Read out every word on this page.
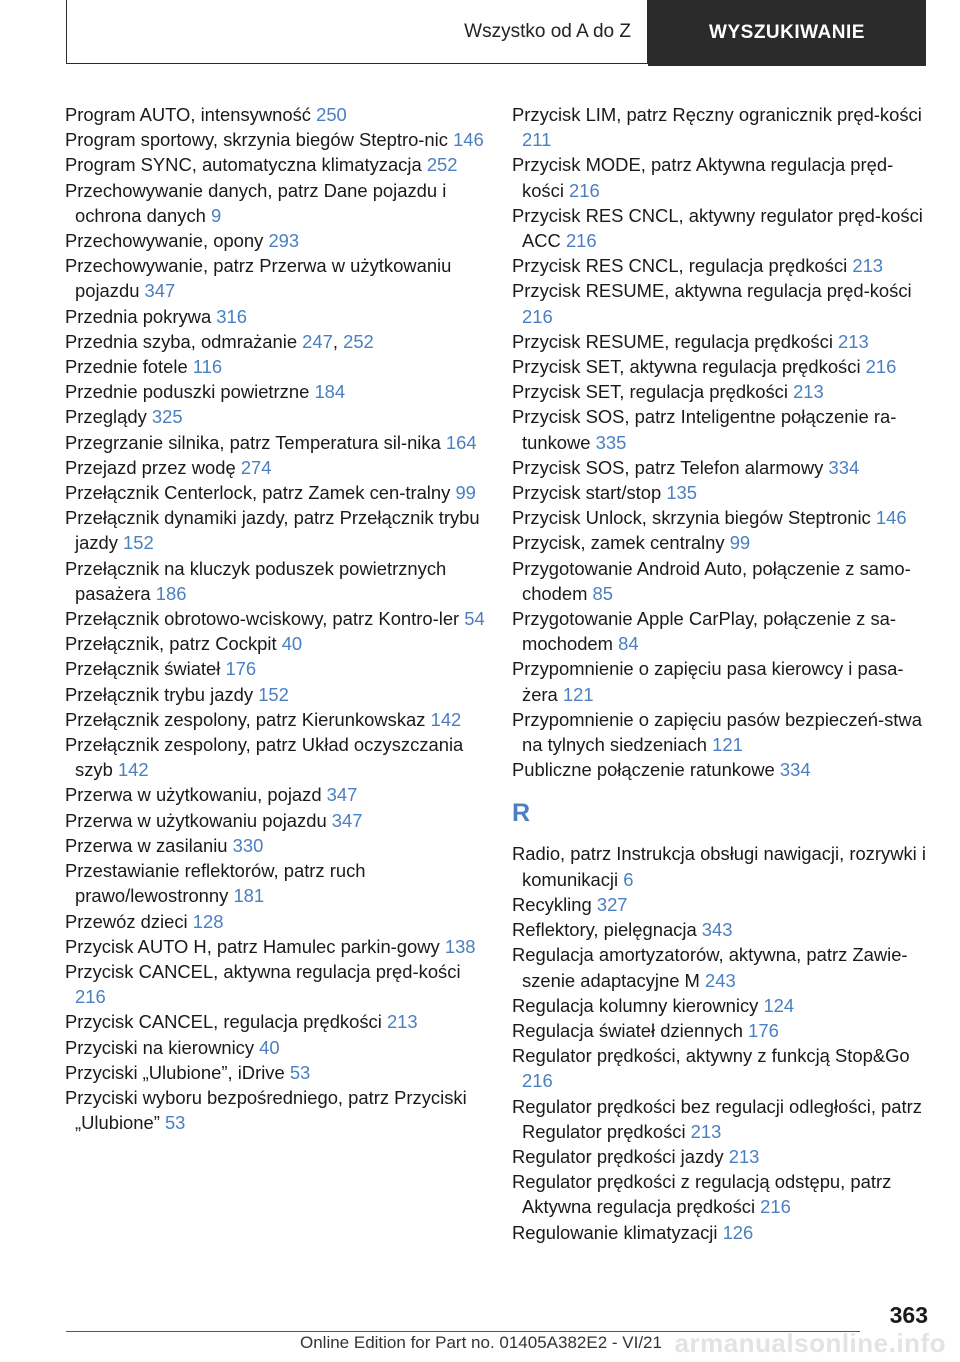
Wszystko od A do Z	WYSZUKIWANIE
Program AUTO, intensywność 250
Program sportowy, skrzynia biegów Steptro‐nic 146
Program SYNC, automatyczna klimatyzacja 252
Przechowywanie danych, patrz Dane pojazdu i ochrona danych 9
Przechowywanie, opony 293
Przechowywanie, patrz Przerwa w użytkowaniu pojazdu 347
Przednia pokrywa 316
Przednia szyba, odmrażanie 247, 252
Przednie fotele 116
Przednie poduszki powietrzne 184
Przeglądy 325
Przegrzanie silnika, patrz Temperatura sil‐nika 164
Przejazd przez wodę 274
Przełącznik Centerlock, patrz Zamek cen‐tralny 99
Przełącznik dynamiki jazdy, patrz Przełącznik trybu jazdy 152
Przełącznik na kluczyk poduszek powietrznych pasażera 186
Przełącznik obrotowo-wciskowy, patrz Kontro‐ler 54
Przełącznik, patrz Cockpit 40
Przełącznik świateł 176
Przełącznik trybu jazdy 152
Przełącznik zespolony, patrz Kierunkowskaz 142
Przełącznik zespolony, patrz Układ oczyszczania szyb 142
Przerwa w użytkowaniu, pojazd 347
Przerwa w użytkowaniu pojazdu 347
Przerwa w zasilaniu 330
Przestawianie reflektorów, patrz ruch prawo/lewostronny 181
Przewóz dzieci 128
Przycisk AUTO H, patrz Hamulec parkin‐gowy 138
Przycisk CANCEL, aktywna regulacja pręd‐kości 216
Przycisk CANCEL, regulacja prędkości 213
Przyciski na kierownicy 40
Przyciski „Ulubione”, iDrive 53
Przyciski wyboru bezpośredniego, patrz Przyciski „Ulubione” 53
Przycisk LIM, patrz Ręczny ogranicznik pręd‐kości 211
Przycisk MODE, patrz Aktywna regulacja pręd‐kości 216
Przycisk RES CNCL, aktywny regulator pręd‐kości ACC 216
Przycisk RES CNCL, regulacja prędkości 213
Przycisk RESUME, aktywna regulacja pręd‐kości 216
Przycisk RESUME, regulacja prędkości 213
Przycisk SET, aktywna regulacja prędkości 216
Przycisk SET, regulacja prędkości 213
Przycisk SOS, patrz Inteligentne połączenie ra‐tunkowe 335
Przycisk SOS, patrz Telefon alarmowy 334
Przycisk start/stop 135
Przycisk Unlock, skrzynia biegów Steptronic 146
Przycisk, zamek centralny 99
Przygotowanie Android Auto, połączenie z samo‐chodem 85
Przygotowanie Apple CarPlay, połączenie z sa‐mochodem 84
Przypomnienie o zapięciu pasa kierowcy i pasa‐żera 121
Przypomnienie o zapięciu pasów bezpieczeń‐stwa na tylnych siedzeniach 121
Publiczne połączenie ratunkowe 334
R
Radio, patrz Instrukcja obsługi nawigacji, rozrywki i komunikacji 6
Recykling 327
Reflektory, pielęgnacja 343
Regulacja amortyzatorów, aktywna, patrz Zawie‐szenie adaptacyjne M 243
Regulacja kolumny kierownicy 124
Regulacja świateł dziennych 176
Regulator prędkości, aktywny z funkcją Stop&Go 216
Regulator prędkości bez regulacji odległości, patrz Regulator prędkości 213
Regulator prędkości jazdy 213
Regulator prędkości z regulacją odstępu, patrz Aktywna regulacja prędkości 216
Regulowanie klimatyzacji 126
363
Online Edition for Part no. 01405A382E2 - VI/21 armanualsonline.info
